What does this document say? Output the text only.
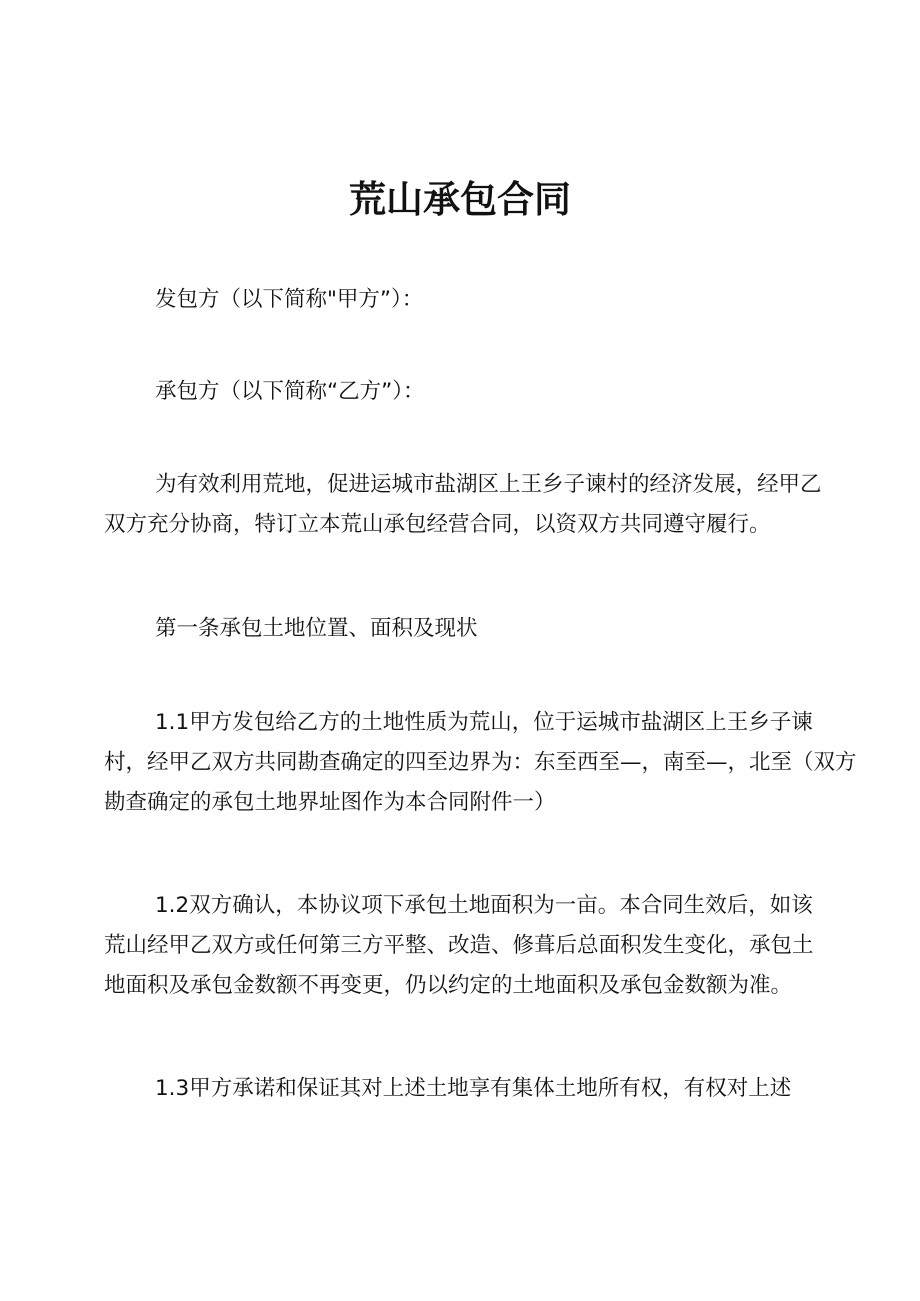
荒山承包合同
发包方（以下简称"甲方”）：
承包方（以下简称“乙方”）：
为有效利用荒地，促进运城市盐湖区上王乡子谏村的经济发展，经甲乙
双方充分协商，特订立本荒山承包经营合同，以资双方共同遵守履行。
第一条承包土地位置、面积及现状
1.1甲方发包给乙方的土地性质为荒山，位于运城市盐湖区上王乡子谏
村，经甲乙双方共同勘查确定的四至边界为：东至西至—，南至—，北至（双方
勘查确定的承包土地界址图作为本合同附件一）
1.2双方确认，本协议项下承包土地面积为一亩。本合同生效后，如该
荒山经甲乙双方或任何第三方平整、改造、修葺后总面积发生变化，承包土
地面积及承包金数额不再变更，仍以约定的土地面积及承包金数额为准。
1.3甲方承诺和保证其对上述土地享有集体土地所有权，有权对上述
